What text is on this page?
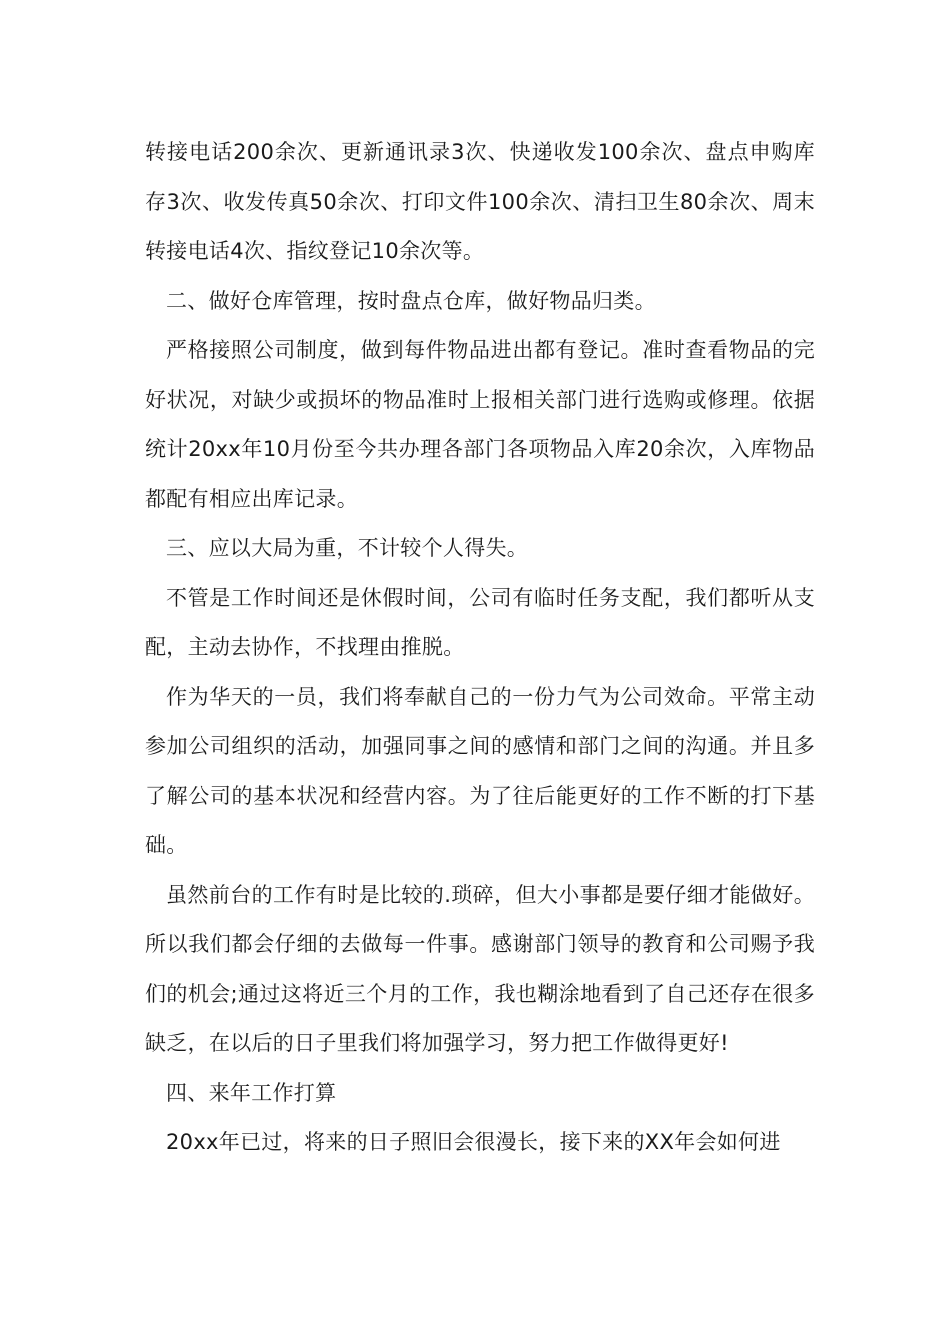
转接电话200余次、更新通讯录3次、快递收发100余次、盘点申购库存3次、收发传真50余次、打印文件100余次、清扫卫生80余次、周末转接电话4次、指纹登记10余次等。

二、做好仓库管理，按时盘点仓库，做好物品归类。

严格接照公司制度，做到每件物品进出都有登记。准时查看物品的完好状况，对缺少或损坏的物品准时上报相关部门进行选购或修理。依据统计20xx年10月份至今共办理各部门各项物品入库20余次，入库物品都配有相应出库记录。

三、应以大局为重，不计较个人得失。

不管是工作时间还是休假时间，公司有临时任务支配，我们都听从支配，主动去协作，不找理由推脱。

作为华天的一员，我们将奉献自己的一份力气为公司效命。平常主动参加公司组织的活动，加强同事之间的感情和部门之间的沟通。并且多了解公司的基本状况和经营内容。为了往后能更好的工作不断的打下基础。

虽然前台的工作有时是比较的.琐碎，但大小事都是要仔细才能做好。所以我们都会仔细的去做每一件事。感谢部门领导的教育和公司赐予我们的机会;通过这将近三个月的工作，我也糊涂地看到了自己还存在很多缺乏，在以后的日子里我们将加强学习，努力把工作做得更好!

四、来年工作打算

20xx年已过，将来的日子照旧会很漫长，接下来的XX年会如何进
